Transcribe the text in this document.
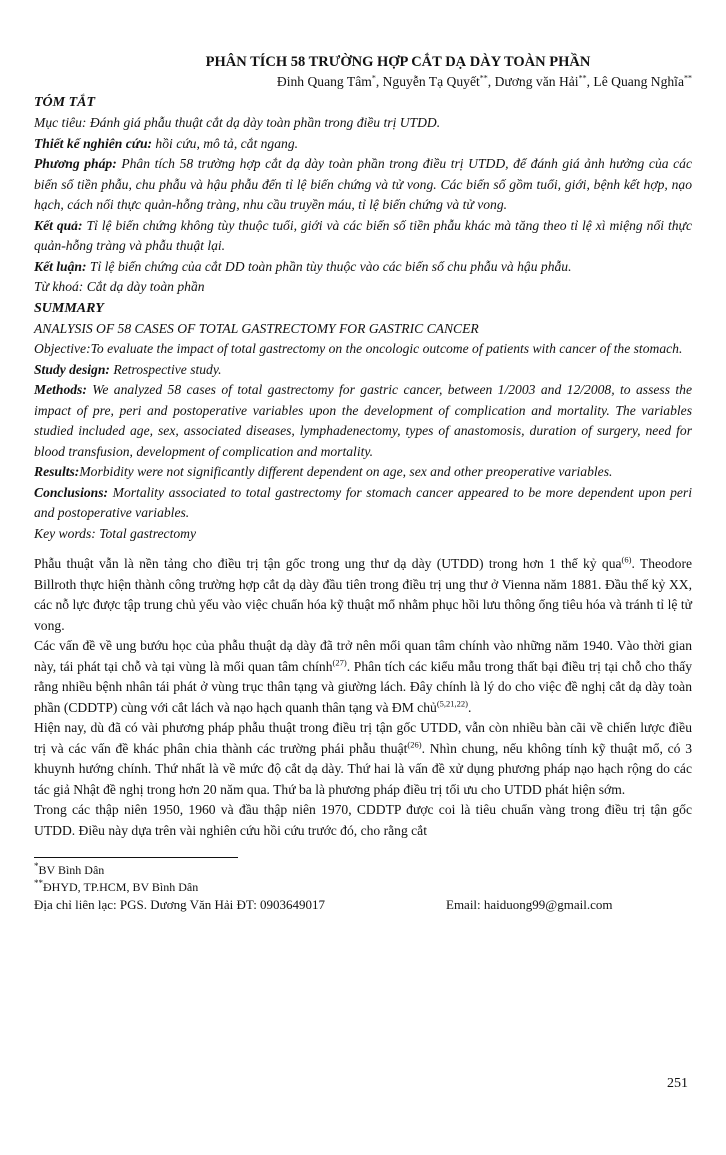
PHÂN TÍCH 58 TRƯỜNG HỢP CẮT DẠ DÀY TOÀN PHẦN
Đinh Quang Tâm*, Nguyễn Tạ Quyết**, Dương văn Hải**, Lê Quang Nghĩa**
TÓM TẮT

Mục tiêu: Đánh giá phẫu thuật cắt dạ dày toàn phần trong điều trị UTDD.

Thiết kế nghiên cứu: hồi cứu, mô tả, cắt ngang.

Phương pháp: Phân tích 58 trường hợp cắt dạ dày toàn phần trong điều trị UTDD, để đánh giá ảnh hưởng của các biến số tiền phẫu, chu phẫu và hậu phẫu đến tỉ lệ biến chứng và tử vong. Các biến số gồm tuổi, giới, bệnh kết hợp, nạo hạch, cách nối thực quản-hỗng tràng, nhu cầu truyền máu, tỉ lệ biến chứng và tử vong.

Kết quả: Tỉ lệ biến chứng không tùy thuộc tuổi, giới và các biến số tiền phẫu khác mà tăng theo tỉ lệ xì miệng nối thực quản-hỗng tràng và phẫu thuật lại.

Kết luận: Tỉ lệ biến chứng của cắt DD toàn phần tùy thuộc vào các biến số chu phẫu và hậu phẫu.

Từ khoá: Cắt dạ dày toàn phần

SUMMARY

ANALYSIS OF 58 CASES OF TOTAL GASTRECTOMY FOR GASTRIC CANCER

Objective:To evaluate the impact of total gastrectomy on the oncologic outcome of patients with cancer of the stomach.

Study design: Retrospective study.

Methods: We analyzed 58 cases of total gastrectomy for gastric cancer, between 1/2003 and 12/2008, to assess the impact of pre, peri and postoperative variables upon the development of complication and mortality. The variables studied included age, sex, associated diseases, lymphadenectomy, types of anastomosis, duration of surgery, need for blood transfusion, development of complication and mortality.

Results:Morbidity were not significantly different dependent on age, sex and other preoperative variables.

Conclusions: Mortality associated to total gastrectomy for stomach cancer appeared to be more dependent upon peri and postoperative variables.

Key words: Total gastrectomy

Phẫu thuật vẫn là nền tảng cho điều trị tận gốc trong ung thư dạ dày (UTDD) trong hơn 1 thế kỷ qua$^{(6)}$. Theodore Billroth thực hiện thành công trường hợp cắt dạ dày đầu tiên trong điều trị ung thư ở Vienna năm 1881. Đầu thế kỷ XX, các nỗ lực được tập trung chủ yếu vào việc chuẩn hóa kỹ thuật mổ nhằm phục hồi lưu thông ống tiêu hóa và tránh tỉ lệ tử vong.

Các vấn đề về ung bướu học của phẫu thuật dạ dày đã trở nên mối quan tâm chính vào những năm 1940. Vào thời gian này, tái phát tại chỗ và tại vùng là mối quan tâm chính$^{(27)}$. Phân tích các kiểu mẫu trong thất bại điều trị tại chỗ cho thấy rằng nhiều bệnh nhân tái phát ở vùng trục thân tạng và giường lách. Đây chính là lý do cho việc đề nghị cắt dạ dày toàn phần (CDDTP) cùng với cắt lách và nạo hạch quanh thân tạng và ĐM chủ$^{(5,21,22)}$.

Hiện nay, dù đã có vài phương pháp phẫu thuật trong điều trị tận gốc UTDD, vẫn còn nhiều bàn cãi về chiến lược điều trị và các vấn đề khác phân chia thành các trường phái phẫu thuật$^{(26)}$. Nhìn chung, nếu không tính kỹ thuật mổ, có 3 khuynh hướng chính. Thứ nhất là về mức độ cắt dạ dày. Thứ hai là vấn đề xử dụng phương pháp nạo hạch rộng do các tác giả Nhật đề nghị trong hơn 20 năm qua. Thứ ba là phương pháp điều trị tối ưu cho UTDD phát hiện sớm.

Trong các thập niên 1950, 1960 và đầu thập niên 1970, CDDTP được coi là tiêu chuẩn vàng trong điều trị tận gốc UTDD. Điều này dựa trên vài nghiên cứu hồi cứu trước đó, cho rằng cắt

*BV Bình Dân
**ĐHYD, TP.HCM, BV Bình Dân
Địa chỉ liên lạc: PGS. Dương Văn Hải ĐT: 0903649017	Email: haiduong99@gmail.com
251
